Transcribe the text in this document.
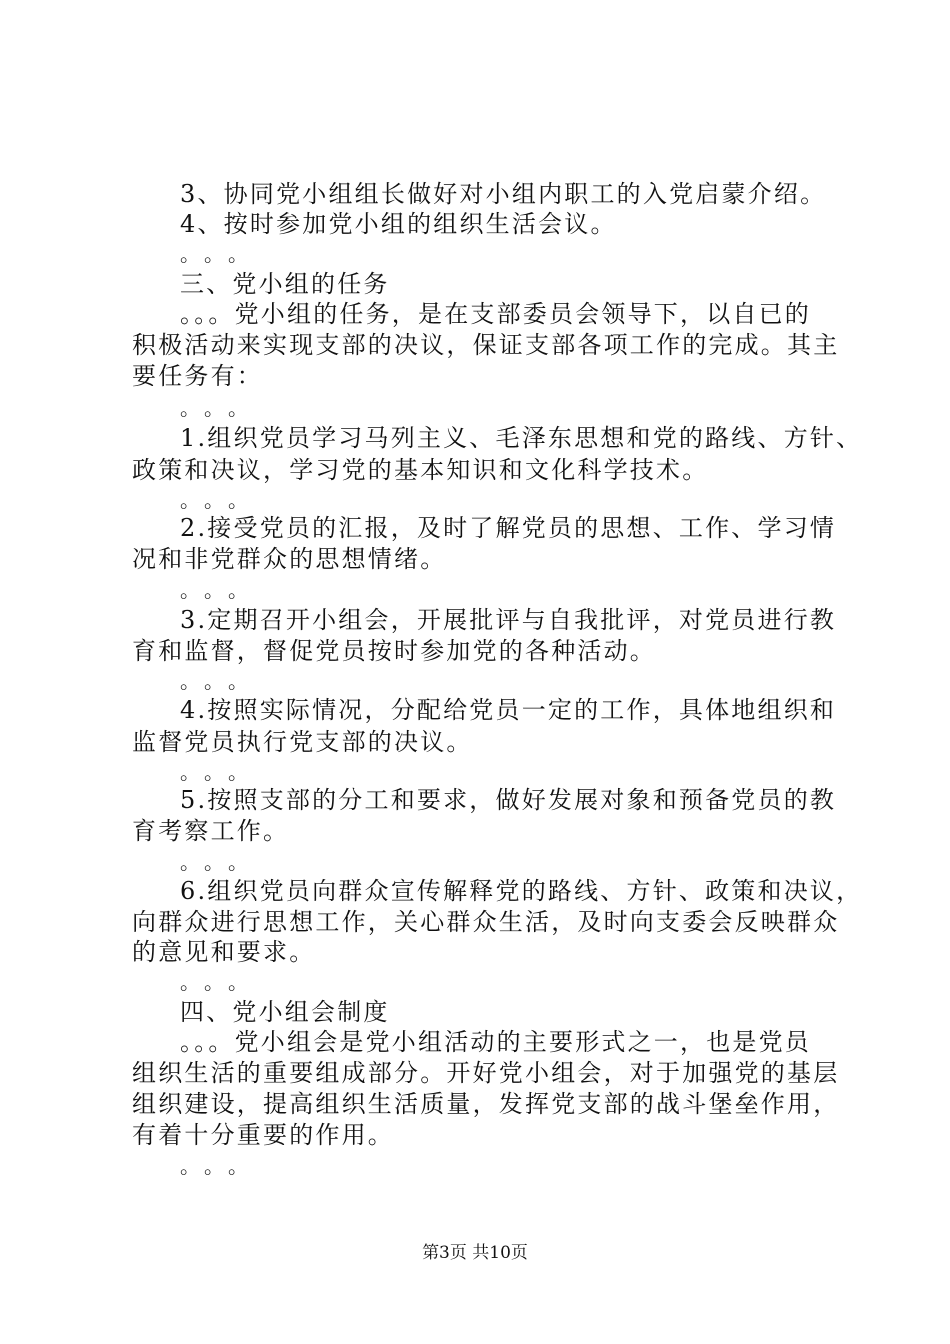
3、协同党小组组长做好对小组内职工的入党启蒙介绍。
4、按时参加党小组的组织生活会议。
。。。
三、党小组的任务
。。。党小组的任务，是在支部委员会领导下，以自已的
积极活动来实现支部的决议，保证支部各项工作的完成。其主
要任务有：
。。。
1.组织党员学习马列主义、毛泽东思想和党的路线、方针、
政策和决议，学习党的基本知识和文化科学技术。
。。。
2.接受党员的汇报，及时了解党员的思想、工作、学习情
况和非党群众的思想情绪。
。。。
3.定期召开小组会，开展批评与自我批评，对党员进行教
育和监督，督促党员按时参加党的各种活动。
。。。
4.按照实际情况，分配给党员一定的工作，具体地组织和
监督党员执行党支部的决议。
。。。
5.按照支部的分工和要求，做好发展对象和预备党员的教
育考察工作。
。。。
6.组织党员向群众宣传解释党的路线、方针、政策和决议，
向群众进行思想工作，关心群众生活，及时向支委会反映群众
的意见和要求。
。。。
四、党小组会制度
。。。党小组会是党小组活动的主要形式之一，也是党员
组织生活的重要组成部分。开好党小组会，对于加强党的基层
组织建设，提高组织生活质量，发挥党支部的战斗堡垒作用，
有着十分重要的作用。
。。。
第3页 共10页
